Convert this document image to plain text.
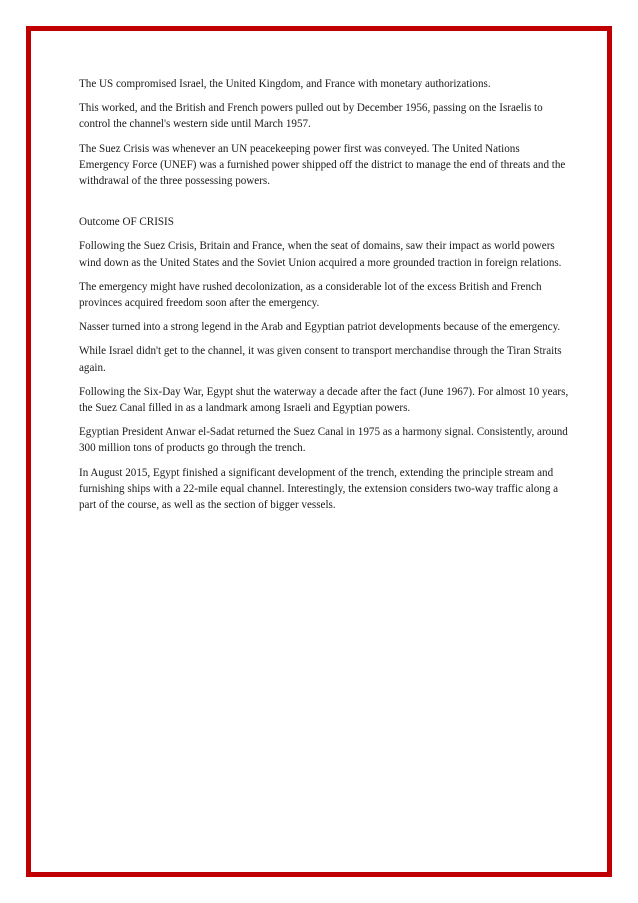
The US compromised Israel, the United Kingdom, and France with monetary authorizations.

This worked, and the British and French powers pulled out by December 1956, passing on the Israelis to control the channel's western side until March 1957.

The Suez Crisis was whenever an UN peacekeeping power first was conveyed. The United Nations Emergency Force (UNEF) was a furnished power shipped off the district to manage the end of threats and the withdrawal of the three possessing powers.

Outcome OF CRISIS

Following the Suez Crisis, Britain and France, when the seat of domains, saw their impact as world powers wind down as the United States and the Soviet Union acquired a more grounded traction in foreign relations.

The emergency might have rushed decolonization, as a considerable lot of the excess British and French provinces acquired freedom soon after the emergency.

Nasser turned into a strong legend in the Arab and Egyptian patriot developments because of the emergency.

While Israel didn't get to the channel, it was given consent to transport merchandise through the Tiran Straits again.

Following the Six-Day War, Egypt shut the waterway a decade after the fact (June 1967). For almost 10 years, the Suez Canal filled in as a landmark among Israeli and Egyptian powers.

Egyptian President Anwar el-Sadat returned the Suez Canal in 1975 as a harmony signal. Consistently, around 300 million tons of products go through the trench.

In August 2015, Egypt finished a significant development of the trench, extending the principle stream and furnishing ships with a 22-mile equal channel. Interestingly, the extension considers two-way traffic along a part of the course, as well as the section of bigger vessels.
